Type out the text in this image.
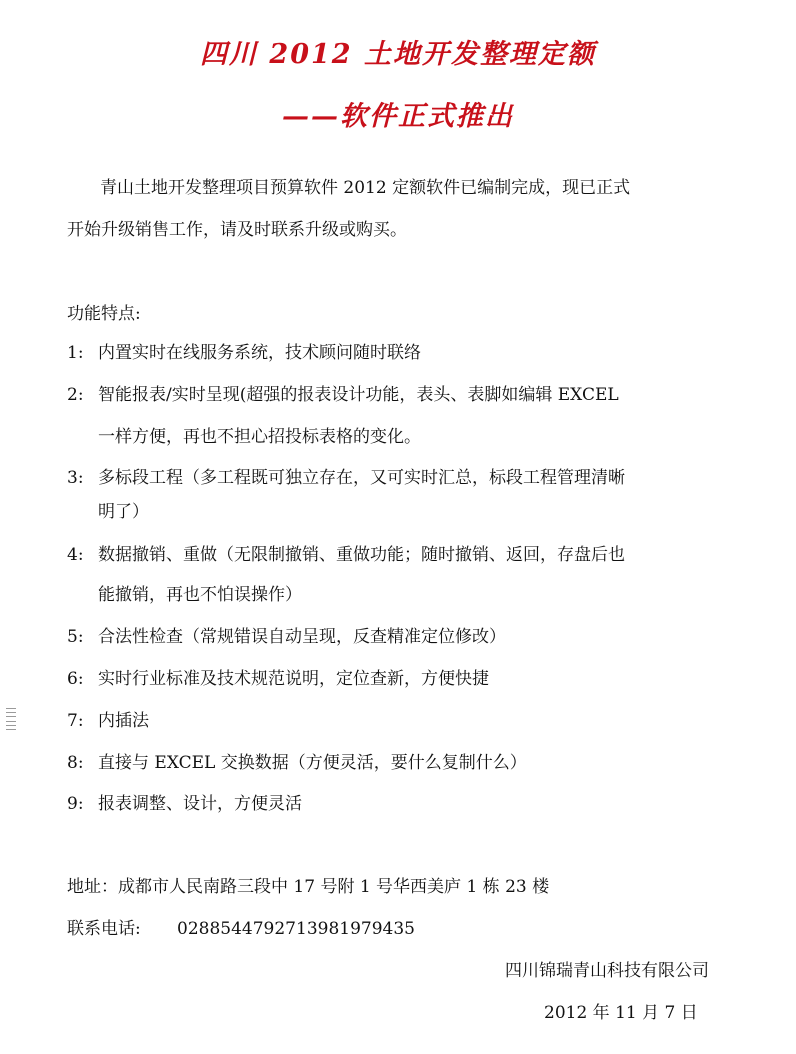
四川 2012 土地开发整理定额
——软件正式推出
青山土地开发整理项目预算软件 2012 定额软件已编制完成，现已正式
开始升级销售工作，请及时联系升级或购买。
功能特点:
1: 内置实时在线服务系统，技术顾问随时联络
2: 智能报表/实时呈现(超强的报表设计功能，表头、表脚如编辑 EXCEL
一样方便，再也不担心招投标表格的变化。
3: 多标段工程（多工程既可独立存在，又可实时汇总，标段工程管理清晰
明了）
4: 数据撤销、重做（无限制撤销、重做功能；随时撤销、返回，存盘后也
能撤销，再也不怕误操作）
5: 合法性检查（常规错误自动呈现，反查精准定位修改）
6: 实时行业标准及技术规范说明，定位查新，方便快捷
7: 内插法
8: 直接与 EXCEL 交换数据（方便灵活，要什么复制什么）
9: 报表调整、设计，方便灵活
地址：成都市人民南路三段中 17 号附 1 号华西美庐 1 栋 23 楼
联系电话: 02885447927 13981979435
四川锦瑞青山科技有限公司
2012 年 11 月 7 日
